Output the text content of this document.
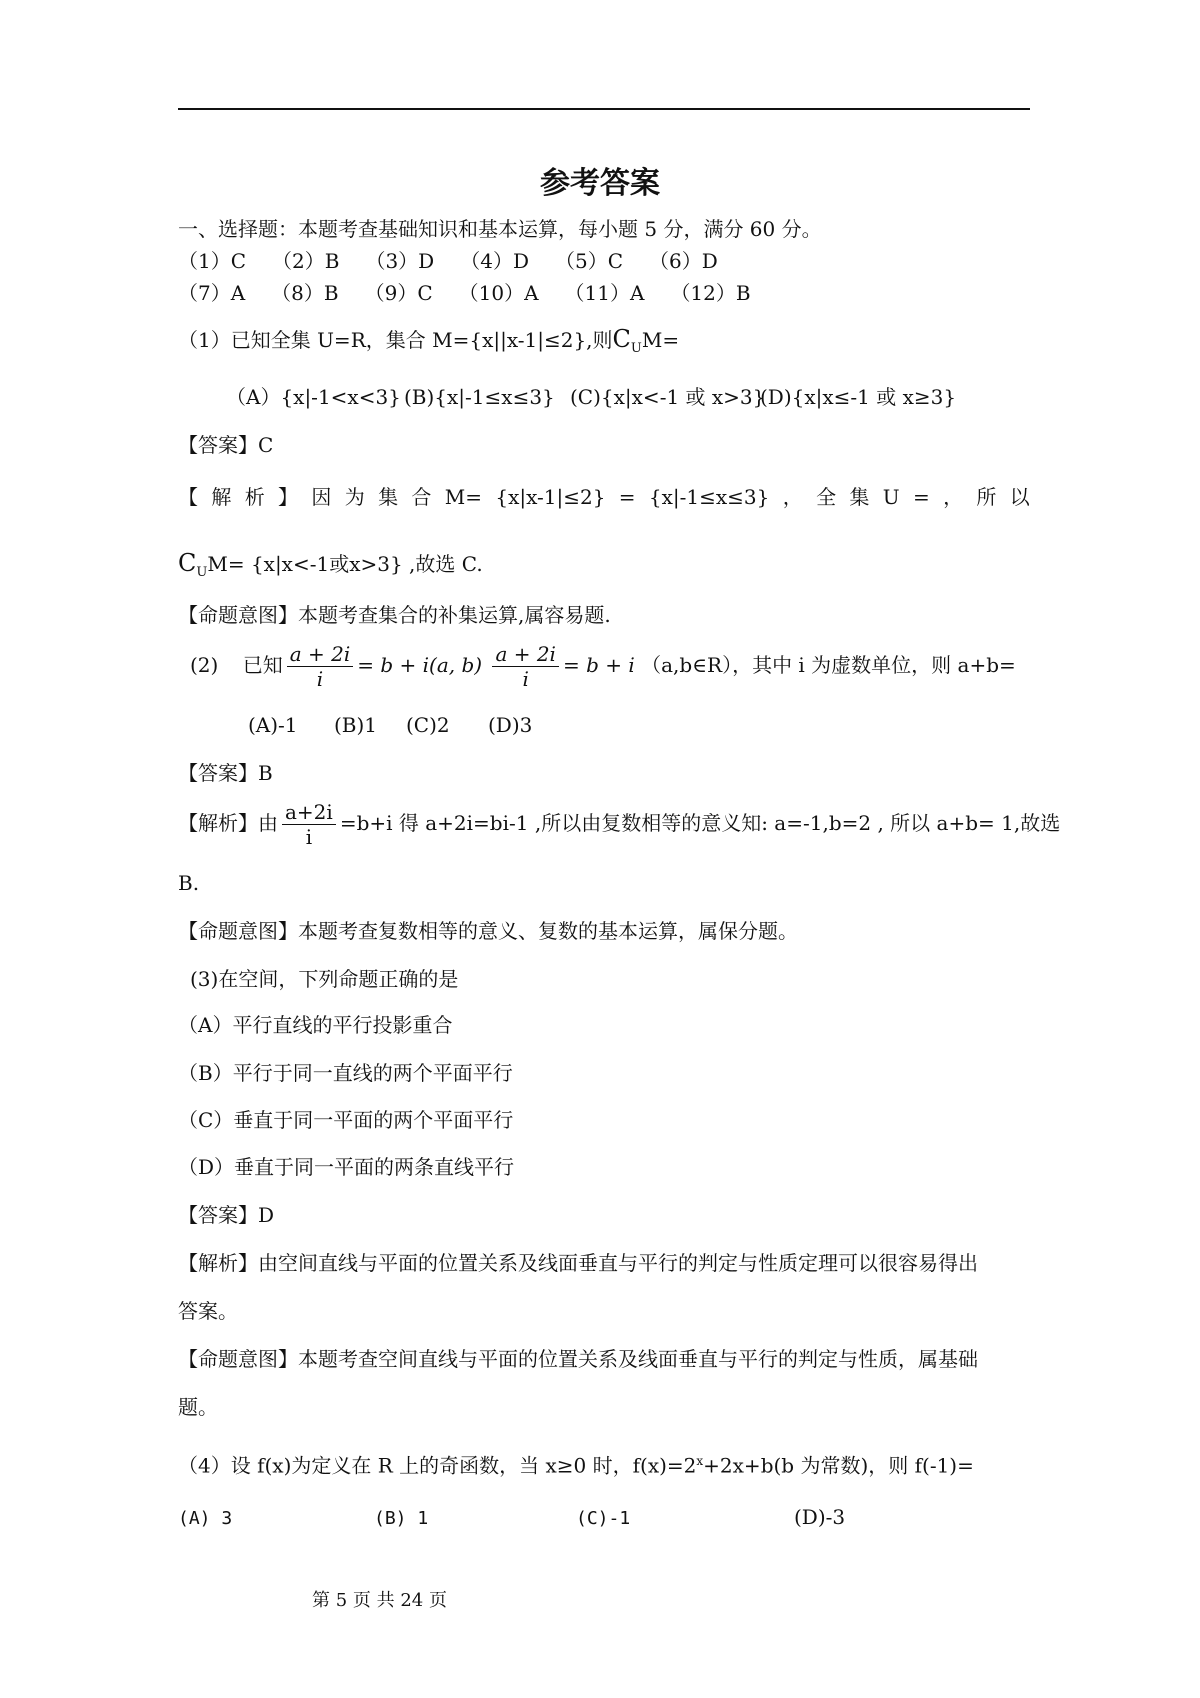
参考答案
一、选择题：本题考查基础知识和基本运算，每小题 5 分，满分 60 分。
（1）C （2）B （3）D （4）D （5）C （6）D
（7）A （8）B （9）C （10）A （11）A （12）B
（1）已知全集 U=R，集合 M={x||x-1|≤2},则$C_UM=$
（A）{x|-1<x<3} (B){x|-1≤x≤3} (C){x|x<-1 或 x>3}(D){x|x≤-1 或 x≥3}
【答案】C
【 解 析 】 因 为 集 合 M= {x|x-1|≤2} = {x|-1≤x≤3} ， 全 集 U = ， 所 以
$C_UM= \{x|x<-1$或x>3} ,故选 C.
【命题意图】本题考查集合的补集运算,属容易题.
(2) 已知 $\frac{a + 2i}{i} = b + i(a$, $b) \frac{a + 2i}{i} = b + i$ （a,b∈R），其中 i 为虚数单位，则 a+b=
(A)-1 (B)1 (C)2 (D)3
【答案】B
【解析】由 $\frac{a+2i}{i} =b+i$ 得 a+2i=bi-1 ,所以由复数相等的意义知: a=-1,b=2 , 所以 a+b= 1,故选
B.
【命题意图】本题考查复数相等的意义、复数的基本运算，属保分题。
(3)在空间，下列命题正确的是
（A）平行直线的平行投影重合
（B）平行于同一直线的两个平面平行
（C）垂直于同一平面的两个平面平行
（D）垂直于同一平面的两条直线平行
【答案】D
【解析】由空间直线与平面的位置关系及线面垂直与平行的判定与性质定理可以很容易得出
答案。
【命题意图】本题考查空间直线与平面的位置关系及线面垂直与平行的判定与性质，属基础
题。
（4）设 f(x)为定义在 R 上的奇函数，当 x≥0 时，$f(x)=2^x+2x+b(b$ 为常数)，则 f(-1)=
(A) 3	(B) 1	(C)-1	(D)-3
第 5 页 共 24 页
